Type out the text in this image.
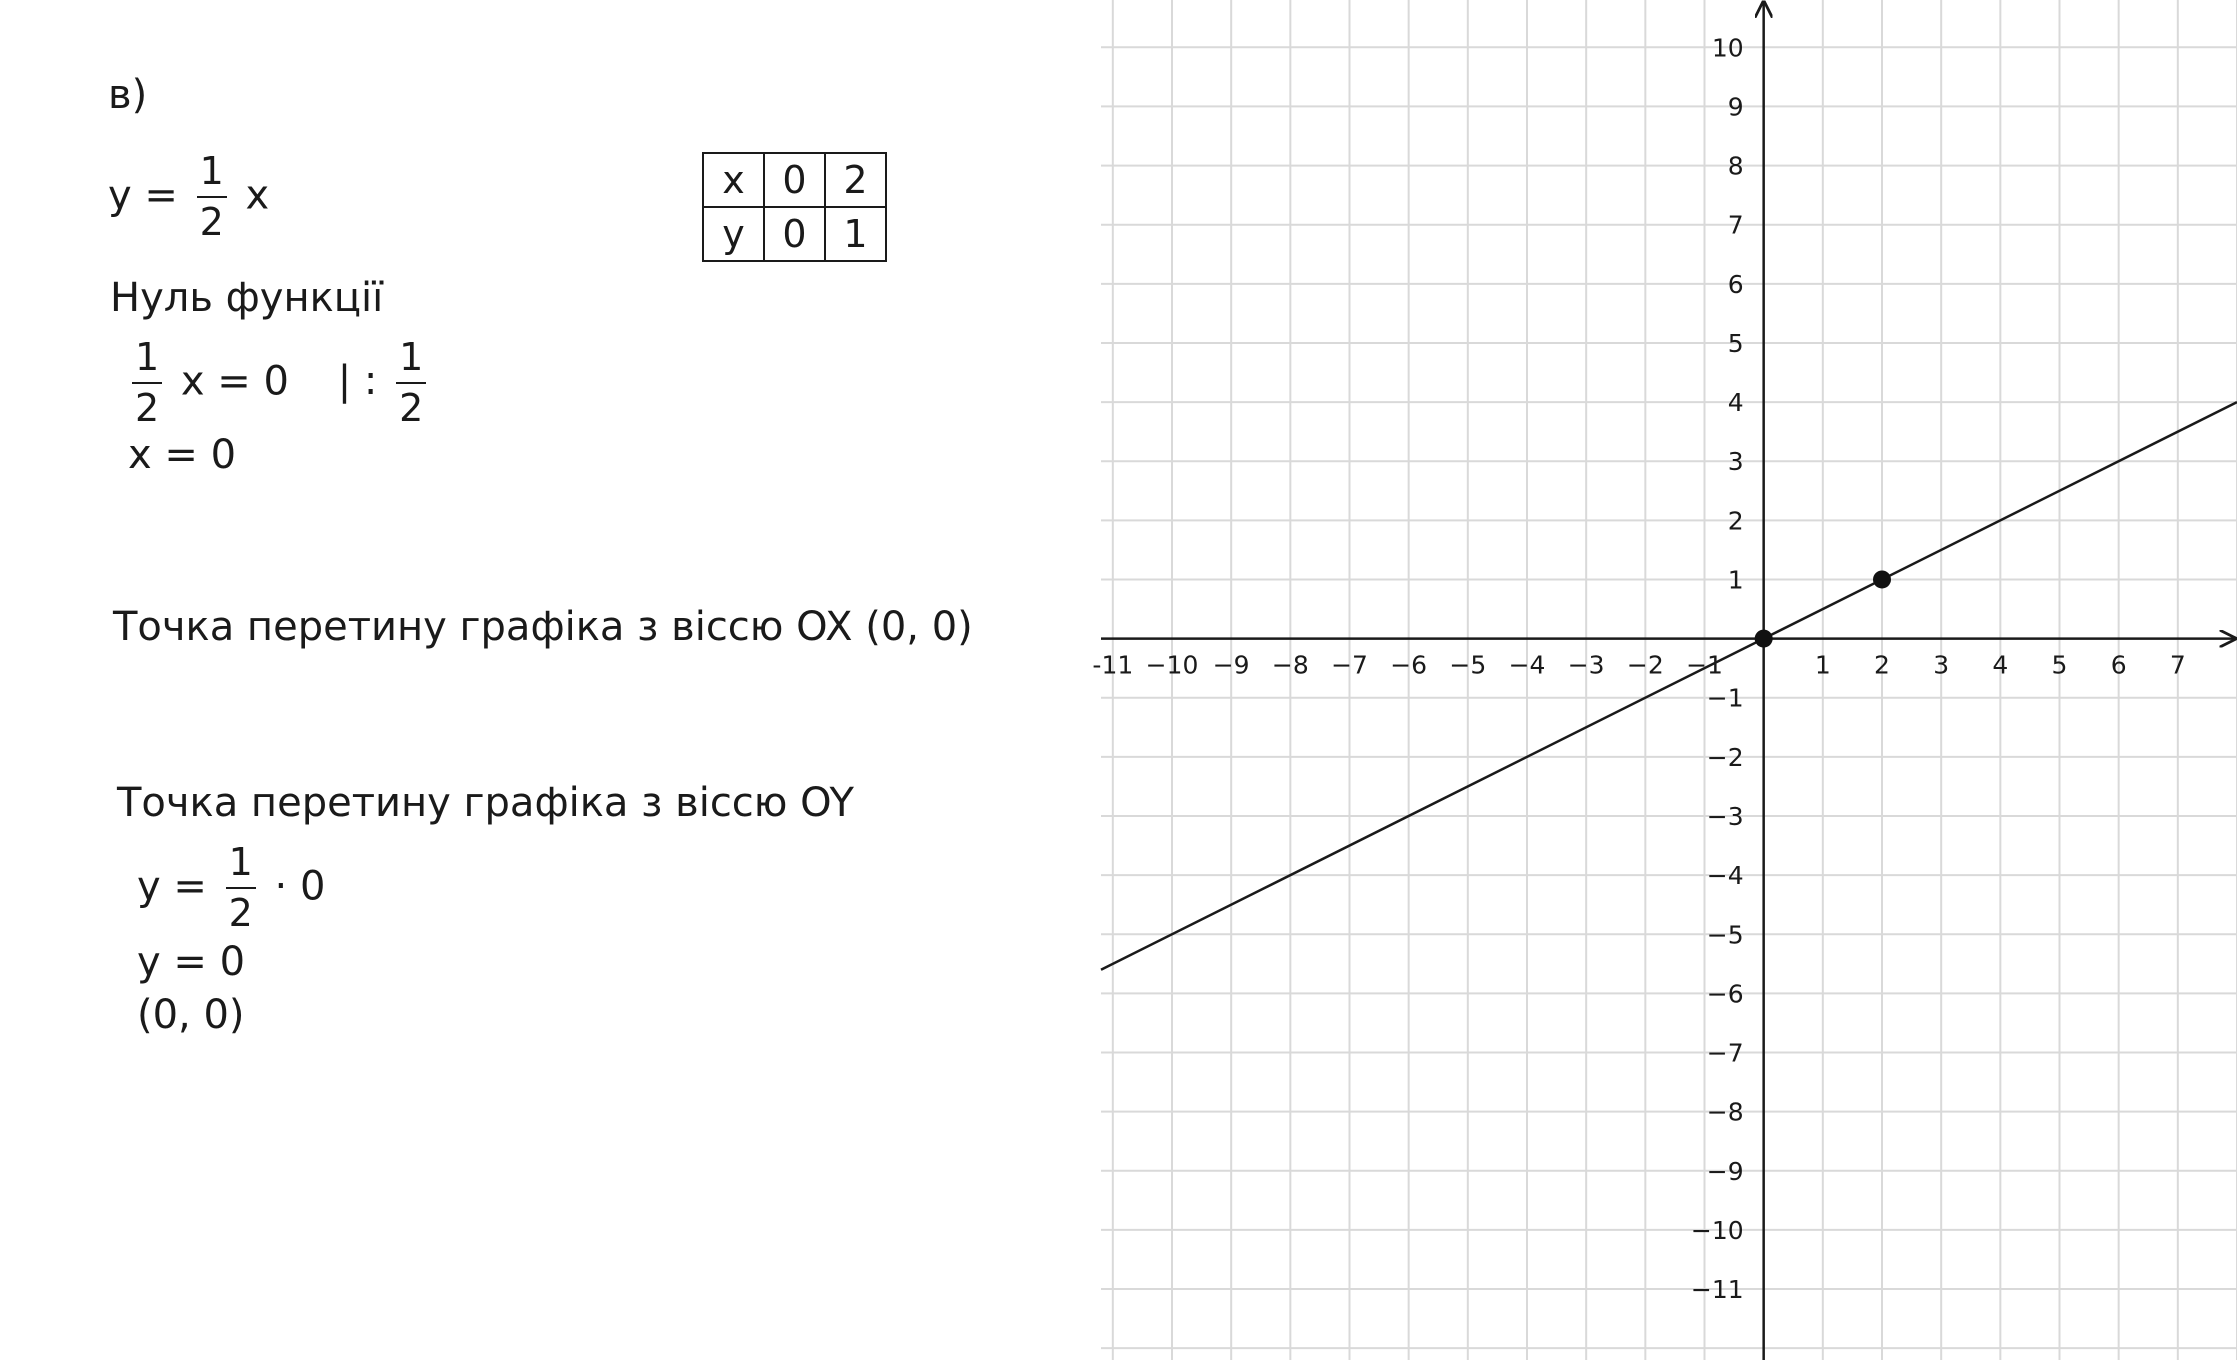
в)
$y = \frac{1}{2}$ x	x	0	2
y	0	1
Нуль функції
$\frac{1}{2}$ x = 0 | : $\frac{1}{2}$
x = 0
Точка перетину графіка з віссю OX (0, 0)
Точка перетину графіка з віссю OY
$y = \frac{1}{2} \cdot 0$
y = 0
(0, 0)
-11 −10 −9 −8 −7 −6 −5 −4 −3 −2 −1	1 2 3 4 5 6 7
10
9
8
7
6
5
4
3
2
1
−1
−2
−3
−4
−5
−6
−7
−8
−9
−10
−11
